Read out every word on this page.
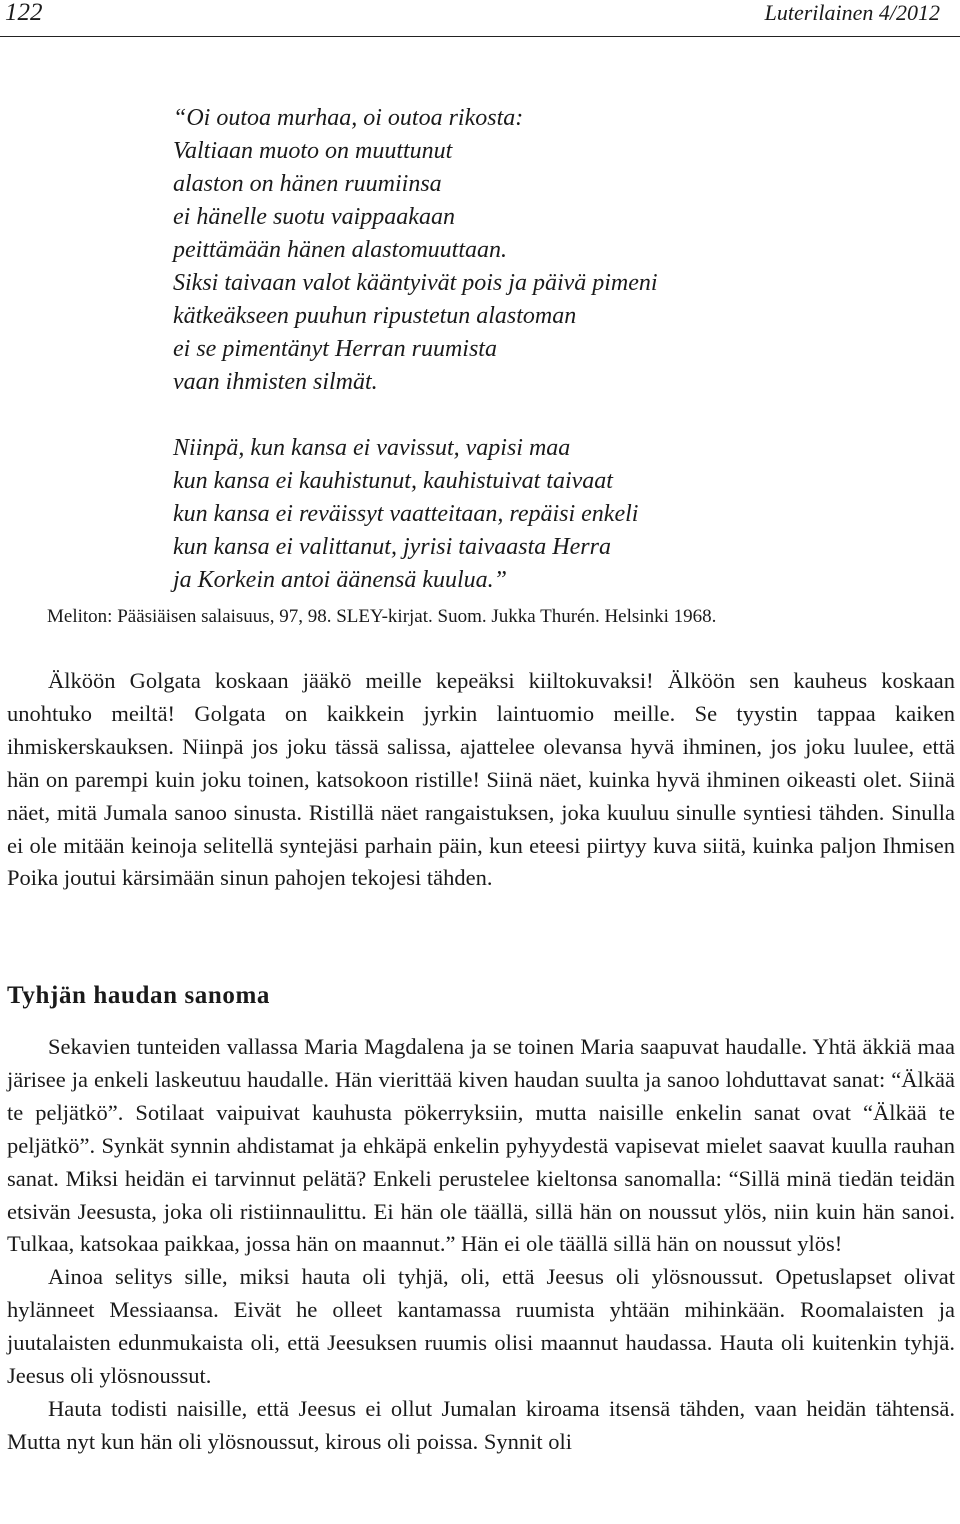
122	Luterilainen 4/2012
“Oi outoa murhaa, oi outoa rikosta:
Valtiaan muoto on muuttunut
alaston on hänen ruumiinsa
ei hänelle suotu vaippaakaan
peittämään hänen alastomuuttaan.
Siksi taivaan valot kääntyivät pois ja päivä pimeni
kätkeäkseen puuhun ripustetun alastoman
ei se pimentänyt Herran ruumista
vaan ihmisten silmät.
Niinpä, kun kansa ei vavissut, vapisi maa
kun kansa ei kauhistunut, kauhistuivat taivaat
kun kansa ei reväissyt vaatteitaan, repäisi enkeli
kun kansa ei valittanut, jyrisi taivaasta Herra
ja Korkein antoi äänensä kuulua.”
Meliton: Pääsiäisen salaisuus, 97, 98. SLEY-kirjat. Suom. Jukka Thurén. Helsinki 1968.

Älköön Golgata koskaan jääkö meille kepeäksi kiiltokuvaksi! Älköön sen kauheus koskaan unohtuko meiltä! Golgata on kaikkein jyrkin laintuomio meille. Se tyystin tappaa kaiken ihmiskerskauksen. Niinpä jos joku tässä salissa, ajattelee olevansa hyvä ihminen, jos joku luulee, että hän on parempi kuin joku toinen, katsokoon ristille! Siinä näet, kuinka hyvä ihminen oikeasti olet. Siinä näet, mitä Jumala sanoo sinusta. Ristillä näet rangaistuksen, joka kuuluu sinulle syntiesi tähden. Sinulla ei ole mitään keinoja selitellä syntejäsi parhain päin, kun eteesi piirtyy kuva siitä, kuinka paljon Ihmisen Poika joutui kärsimään sinun pahojen tekojesi tähden.

Tyhjän haudan sanoma

Sekavien tunteiden vallassa Maria Magdalena ja se toinen Maria saapuvat haudalle. Yhtä äkkiä maa järisee ja enkeli laskeutuu haudalle. Hän vierittää kiven haudan suulta ja sanoo lohduttavat sanat: “Älkää te peljätkö”. Sotilaat vaipuivat kauhusta pökerryksiin, mutta naisille enkelin sanat ovat “Älkää te peljätkö”. Synkät synnin ahdistamat ja ehkäpä enkelin pyhyydestä vapisevat mielet saavat kuulla rauhan sanat. Miksi heidän ei tarvinnut pelätä? Enkeli perustelee kieltonsa sanomalla: “Sillä minä tiedän teidän etsivän Jeesusta, joka oli ristiinnaulittu. Ei hän ole täällä, sillä hän on noussut ylös, niin kuin hän sanoi. Tulkaa, katsokaa paikkaa, jossa hän on maannut.” Hän ei ole täällä sillä hän on noussut ylös!

Ainoa selitys sille, miksi hauta oli tyhjä, oli, että Jeesus oli ylösnoussut. Opetuslapset olivat hylänneet Messiaansa. Eivät he olleet kantamassa ruumista yhtään mihinkään. Roomalaisten ja juutalaisten edunmukaista oli, että Jeesuksen ruumis olisi maannut haudassa. Hauta oli kuitenkin tyhjä. Jeesus oli ylösnoussut.

Hauta todisti naisille, että Jeesus ei ollut Jumalan kiroama itsensä tähden, vaan heidän tähtensä. Mutta nyt kun hän oli ylösnoussut, kirous oli poissa. Synnit oli
